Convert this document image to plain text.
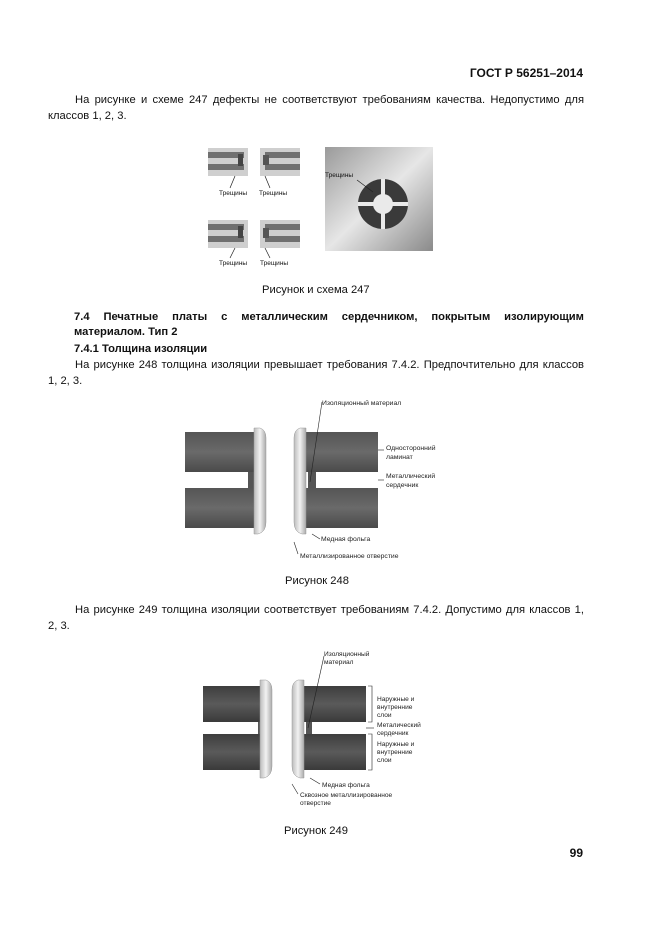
ГОСТ Р 56251–2014
На рисунке и схеме 247 дефекты не соответствуют требованиям качества. Недопустимо для классов 1, 2, 3.
Трещины Трещины
Трещины Трещины
Трещины
Рисунок и схема 247
7.4 Печатные платы с металлическим сердечником, покрытым изолирующим
материалом. Тип 2
7.4.1 Толщина изоляции
На рисунке 248 толщина изоляции превышает требования 7.4.2. Предпочтительно для классов 1, 2, 3.
Изоляционный материал
Односторонний
ламинат
Металлический
сердечник
Медная фольга
Металлизированное отверстие
Рисунок 248
На рисунке 249 толщина изоляции соответствует требованиям 7.4.2. Допустимо для классов 1, 2, 3.
Изоляционный
материал
Наружные и
внутренние
слои
Металический
сердечник
Наружные и
внутренние
слои
Медная фольга
Сквозное металлизированное
отверстие
Рисунок 249
99
